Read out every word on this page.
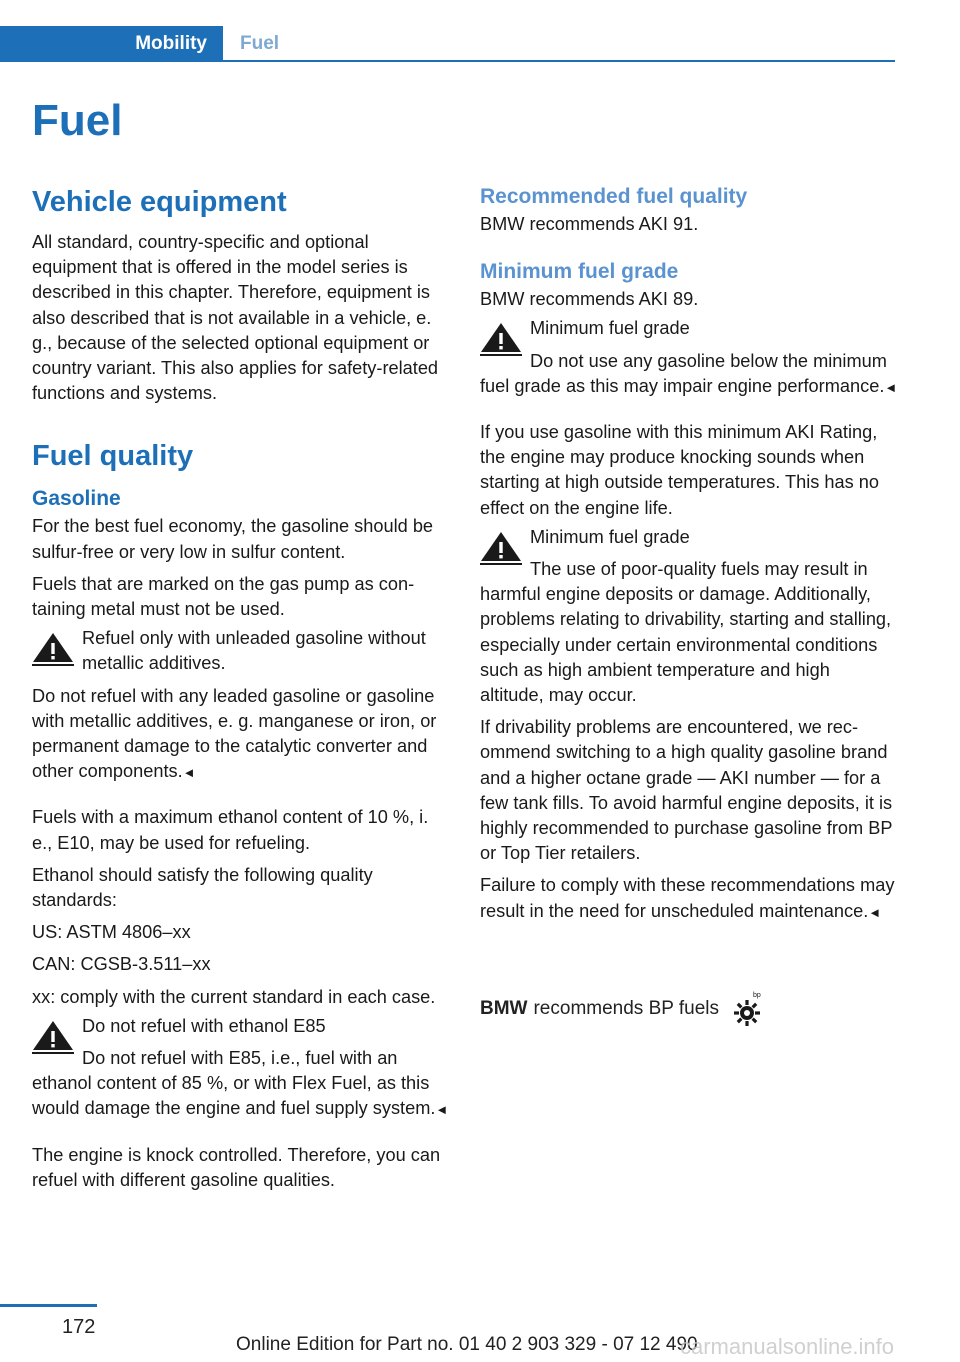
Mobility	Fuel
Fuel
Vehicle equipment

All standard, country-specific and optional equipment that is offered in the model series is described in this chapter. Therefore, equipment is also described that is not available in a vehicle, e. g., because of the selected optional equipment or country variant. This also applies for safety-related functions and systems.

Fuel quality
Gasoline

For the best fuel economy, the gasoline should be sulfur-free or very low in sulfur content.

Fuels that are marked on the gas pump as containing metal must not be used.

Refuel only with unleaded gasoline without metallic additives.

Do not refuel with any leaded gasoline or gasoline with metallic additives, e. g. manganese or iron, or permanent damage to the catalytic converter and other components.◄

Fuels with a maximum ethanol content of 10 %, i. e., E10, may be used for refueling.

Ethanol should satisfy the following quality standards:

US: ASTM 4806–xx

CAN: CGSB-3.511–xx

xx: comply with the current standard in each case.

Do not refuel with ethanol E85

Do not refuel with E85, i.e., fuel with an ethanol content of 85 %, or with Flex Fuel, as this would damage the engine and fuel supply system.◄

The engine is knock controlled. Therefore, you can refuel with different gasoline qualities.

Recommended fuel quality

BMW recommends AKI 91.

Minimum fuel grade

BMW recommends AKI 89.

Minimum fuel grade

Do not use any gasoline below the minimum fuel grade as this may impair engine performance.◄

If you use gasoline with this minimum AKI Rating, the engine may produce knocking sounds when starting at high outside temperatures. This has no effect on the engine life.

Minimum fuel grade

The use of poor-quality fuels may result in harmful engine deposits or damage. Additionally, problems relating to drivability, starting and stalling, especially under certain environmental conditions such as high ambient temperature and high altitude, may occur.

If drivability problems are encountered, we recommend switching to a high quality gasoline brand and a higher octane grade — AKI number — for a few tank fills. To avoid harmful engine deposits, it is highly recommended to purchase gasoline from BP or Top Tier retailers.

Failure to comply with these recommendations may result in the need for unscheduled maintenance.◄

BMW recommends BP fuels
bp
172
Online Edition for Part no. 01 40 2 903 329 - 07 12 490
carmanualsonline.info
